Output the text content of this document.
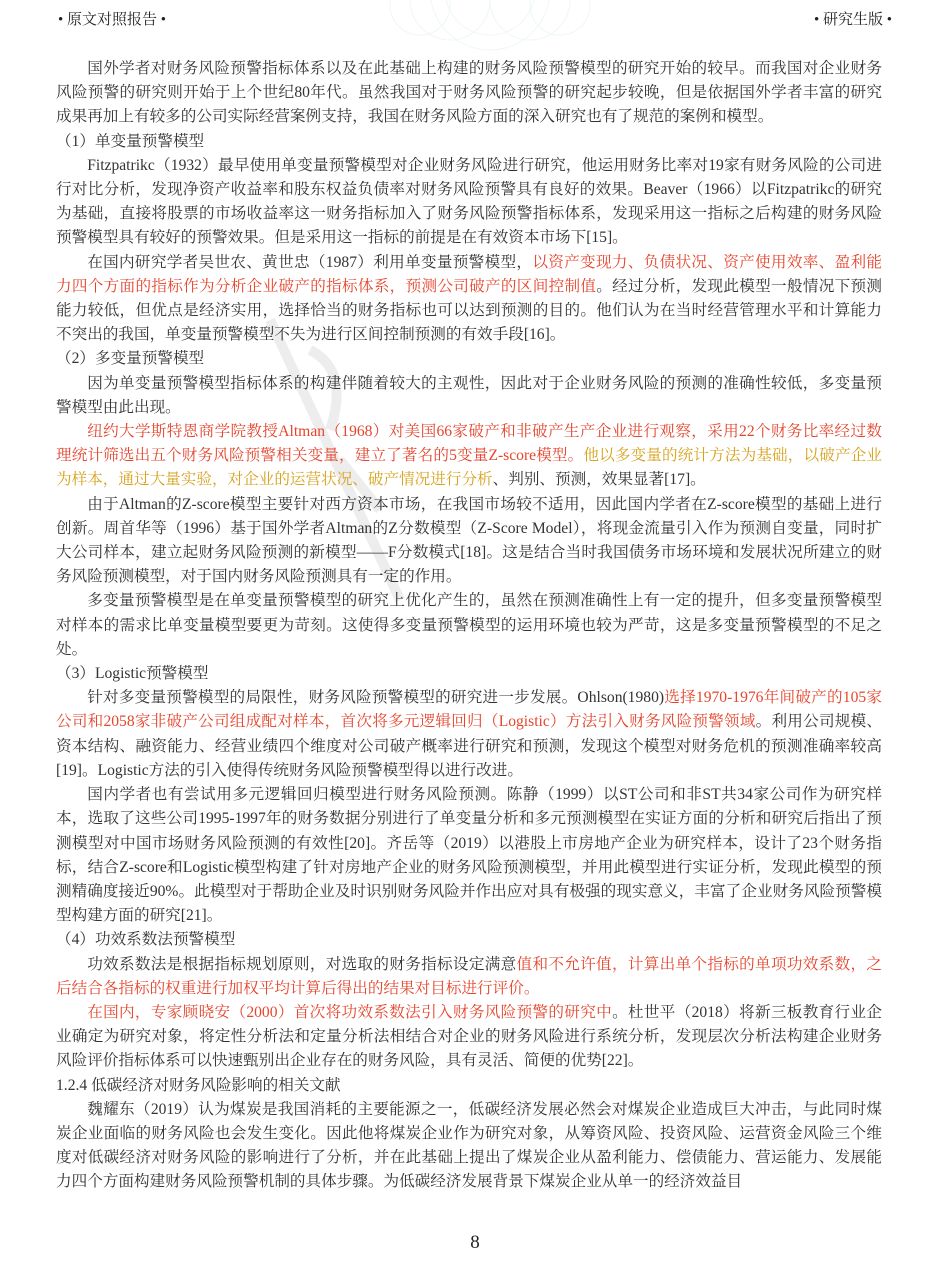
• 原文对照报告 •	• 研究生版 •

国外学者对财务风险预警指标体系以及在此基础上构建的财务风险预警模型的研究开始的较早。而我国对企业财务风险预警的研究则开始于上个世纪80年代。虽然我国对于财务风险预警的研究起步较晚，但是依据国外学者丰富的研究成果再加上有较多的公司实际经营案例支持，我国在财务风险方面的深入研究也有了规范的案例和模型。

（1）单变量预警模型

Fitzpatrikc（1932）最早使用单变量预警模型对企业财务风险进行研究，他运用财务比率对19家有财务风险的公司进行对比分析，发现净资产收益率和股东权益负债率对财务风险预警具有良好的效果。Beaver（1966）以Fitzpatrikc的研究为基础，直接将股票的市场收益率这一财务指标加入了财务风险预警指标体系，发现采用这一指标之后构建的财务风险预警模型具有较好的预警效果。但是采用这一指标的前提是在有效资本市场下[15]。

在国内研究学者吴世农、黄世忠（1987）利用单变量预警模型，以资产变现力、负债状况、资产使用效率、盈利能力四个方面的指标作为分析企业破产的指标体系，预测公司破产的区间控制值。经过分析，发现此模型一般情况下预测能力较低，但优点是经济实用，选择恰当的财务指标也可以达到预测的目的。他们认为在当时经营管理水平和计算能力不突出的我国，单变量预警模型不失为进行区间控制预测的有效手段[16]。

（2）多变量预警模型

因为单变量预警模型指标体系的构建伴随着较大的主观性，因此对于企业财务风险的预测的准确性较低，多变量预警模型由此出现。

纽约大学斯特恩商学院教授Altman（1968）对美国66家破产和非破产生产企业进行观察，采用22个财务比率经过数理统计筛选出五个财务风险预警相关变量，建立了著名的5变量Z-score模型。他以多变量的统计方法为基础，以破产企业为样本，通过大量实验，对企业的运营状况、破产情况进行分析、判别、预测，效果显著[17]。

由于Altman的Z-score模型主要针对西方资本市场，在我国市场较不适用，因此国内学者在Z-score模型的基础上进行创新。周首华等（1996）基于国外学者Altman的Z分数模型（Z-Score Model），将现金流量引入作为预测自变量，同时扩大公司样本，建立起财务风险预测的新模型——F分数模式[18]。这是结合当时我国债务市场环境和发展状况所建立的财务风险预测模型，对于国内财务风险预测具有一定的作用。

多变量预警模型是在单变量预警模型的研究上优化产生的，虽然在预测准确性上有一定的提升，但多变量预警模型对样本的需求比单变量模型要更为苛刻。这使得多变量预警模型的运用环境也较为严苛，这是多变量预警模型的不足之处。

（3）Logistic预警模型

针对多变量预警模型的局限性，财务风险预警模型的研究进一步发展。Ohlson(1980)选择1970-1976年间破产的105家公司和2058家非破产公司组成配对样本，首次将多元逻辑回归（Logistic）方法引入财务风险预警领域。利用公司规模、资本结构、融资能力、经营业绩四个维度对公司破产概率进行研究和预测，发现这个模型对财务危机的预测准确率较高[19]。Logistic方法的引入使得传统财务风险预警模型得以进行改进。

国内学者也有尝试用多元逻辑回归模型进行财务风险预测。陈静（1999）以ST公司和非ST共34家公司作为研究样本，选取了这些公司1995-1997年的财务数据分别进行了单变量分析和多元预测模型在实证方面的分析和研究后指出了预测模型对中国市场财务风险预测的有效性[20]。齐岳等（2019）以港股上市房地产企业为研究样本，设计了23个财务指标，结合Z-score和Logistic模型构建了针对房地产企业的财务风险预测模型，并用此模型进行实证分析，发现此模型的预测精确度接近90%。此模型对于帮助企业及时识别财务风险并作出应对具有极强的现实意义，丰富了企业财务风险预警模型构建方面的研究[21]。

（4）功效系数法预警模型

功效系数法是根据指标规划原则，对选取的财务指标设定满意值和不允许值，计算出单个指标的单项功效系数，之后结合各指标的权重进行加权平均计算后得出的结果对目标进行评价。

在国内，专家顾晓安（2000）首次将功效系数法引入财务风险预警的研究中。杜世平（2018）将新三板教育行业企业确定为研究对象，将定性分析法和定量分析法相结合对企业的财务风险进行系统分析，发现层次分析法构建企业财务风险评价指标体系可以快速甄别出企业存在的财务风险，具有灵活、简便的优势[22]。

1.2.4 低碳经济对财务风险影响的相关文献

魏耀东（2019）认为煤炭是我国消耗的主要能源之一，低碳经济发展必然会对煤炭企业造成巨大冲击，与此同时煤炭企业面临的财务风险也会发生变化。因此他将煤炭企业作为研究对象，从筹资风险、投资风险、运营资金风险三个维度对低碳经济对财务风险的影响进行了分析，并在此基础上提出了煤炭企业从盈利能力、偿债能力、营运能力、发展能力四个方面构建财务风险预警机制的具体步骤。为低碳经济发展背景下煤炭企业从单一的经济效益目

8
